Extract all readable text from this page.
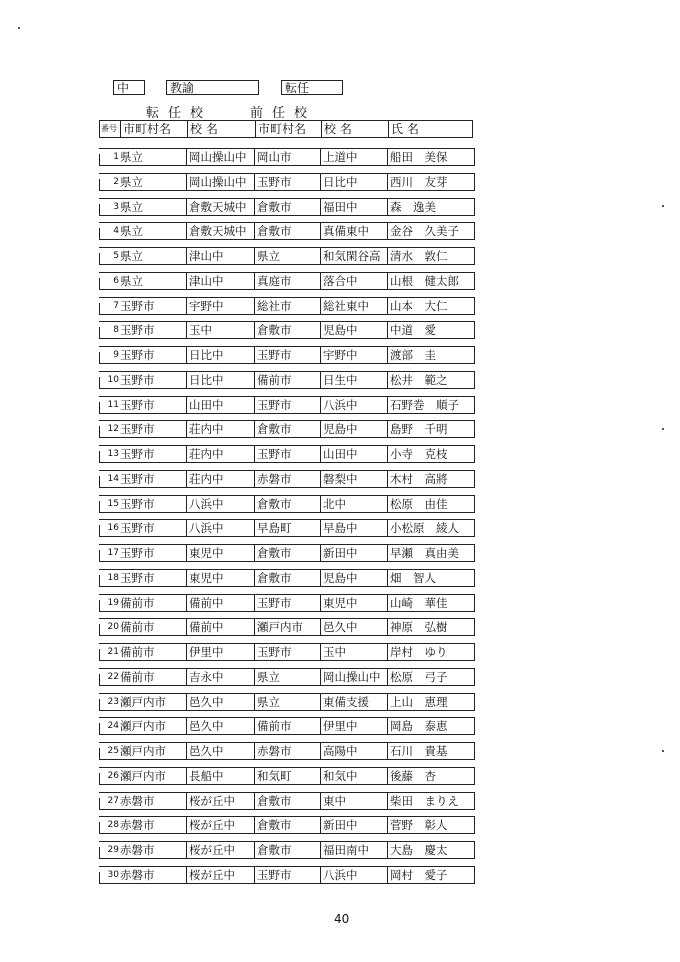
中	教諭	転任
転任校	前任校
番号 市町村名	校 名	市町村名	校 名	氏 名
1 県立	岡山操山中 岡山市	上道中	船田　美保
2 県立	岡山操山中 玉野市	日比中	西川　友芽
3 県立	倉敷天城中 倉敷市	福田中	森　逸美
4 県立	倉敷天城中 倉敷市	真備東中	金谷　久美子
5 県立	津山中	県立	和気閑谷高 清水　敦仁
6 県立	津山中	真庭市	落合中	山根　健太郎
7 玉野市	宇野中	総社市	総社東中	山本　大仁
8 玉野市	玉中	倉敷市	児島中	中道　愛
9 玉野市	日比中	玉野市	宇野中	渡部　圭
10 玉野市	日比中	備前市	日生中	松井　範之
11 玉野市	山田中	玉野市	八浜中	石野巻　順子
12 玉野市	荘内中	倉敷市	児島中	島野　千明
13 玉野市	荘内中	玉野市	山田中	小寺　克枝
14 玉野市	荘内中	赤磐市	磐梨中	木村　高將
15 玉野市	八浜中	倉敷市	北中	松原　由佳
16 玉野市	八浜中	早島町	早島中	小松原　綾人
17 玉野市	東児中	倉敷市	新田中	早瀬　真由美
18 玉野市	東児中	倉敷市	児島中	畑　智人
19 備前市	備前中	玉野市	東児中	山崎　華佳
20 備前市	備前中	瀬戸内市	邑久中	神原　弘樹
21 備前市	伊里中	玉野市	玉中	岸村　ゆり
22 備前市	吉永中	県立	岡山操山中 松原　弓子
23 瀬戸内市	邑久中	県立	東備支援	上山　恵理
24 瀬戸内市	邑久中	備前市	伊里中	岡島　泰恵
25 瀬戸内市	邑久中	赤磐市	高陽中	石川　貴基
26 瀬戸内市	長船中	和気町	和気中	後藤　杏
27 赤磐市	桜が丘中	倉敷市	東中	柴田　まりえ
28 赤磐市	桜が丘中	倉敷市	新田中	菅野　彰人
29 赤磐市	桜が丘中	倉敷市	福田南中	大島　慶太
30 赤磐市	桜が丘中	玉野市	八浜中	岡村　愛子
40
